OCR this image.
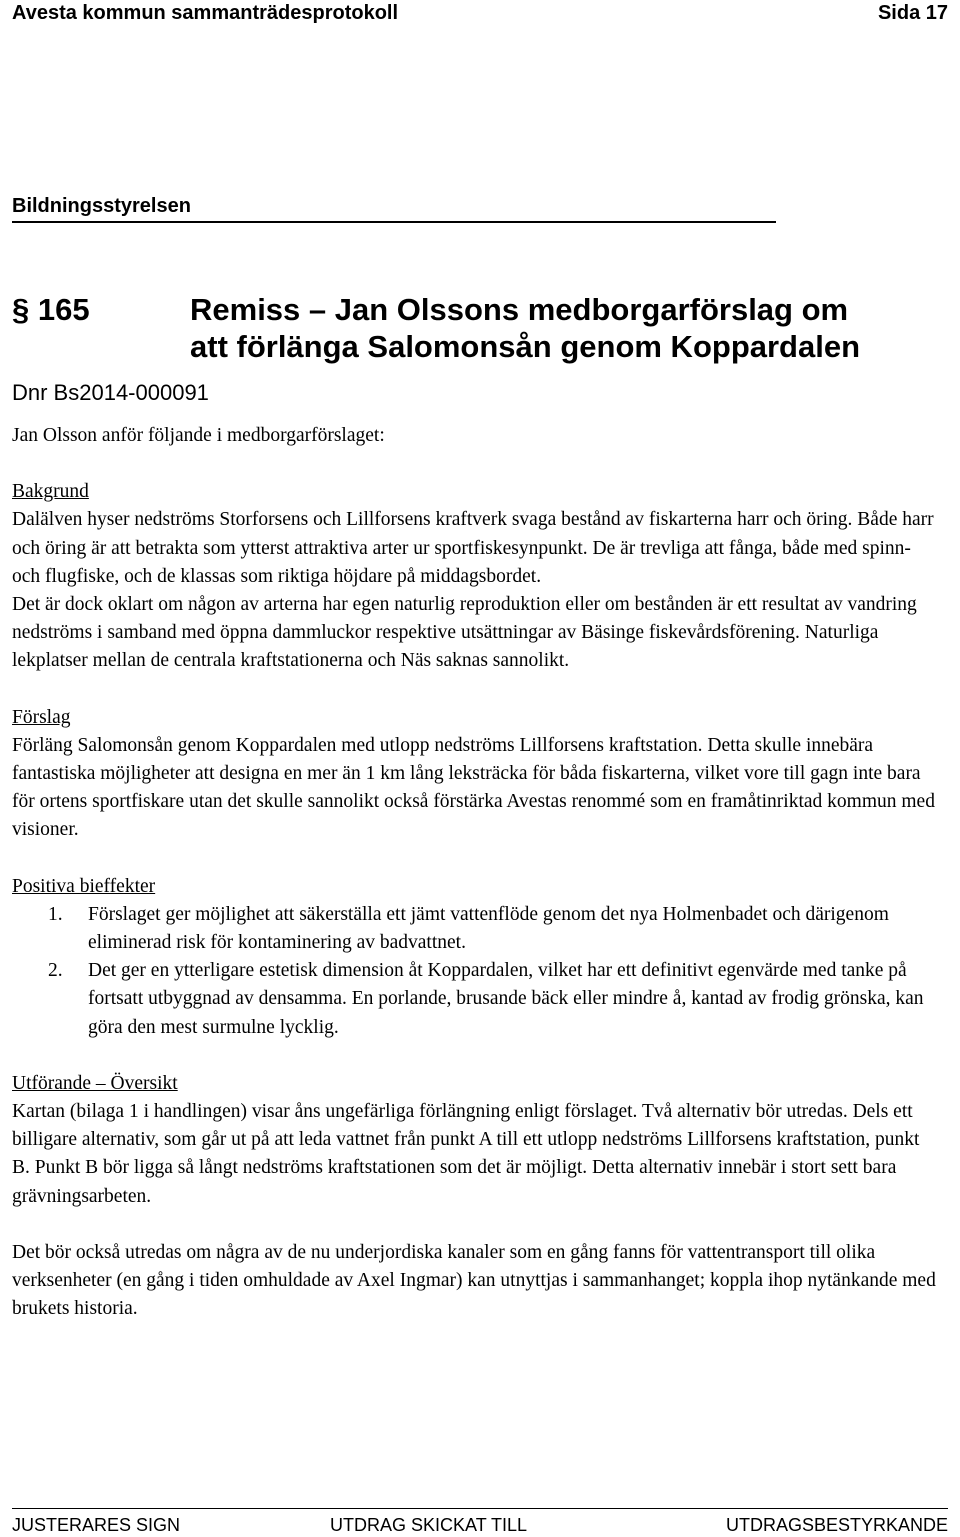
Avesta kommun sammanträdesprotokoll	Sida 17
Bildningsstyrelsen
§ 165	Remiss – Jan Olssons medborgarförslag om
att förlänga Salomonsån genom Koppardalen
Dnr Bs2014-000091

Jan Olsson anför följande i medborgarförslaget:

Bakgrund

Dalälven hyser nedströms Storforsens och Lillforsens kraftverk svaga bestånd av fiskarterna harr och öring. Både harr och öring är att betrakta som ytterst attraktiva arter ur sportfiskesynpunkt. De är trevliga att fånga, både med spinn- och flugfiske, och de klassas som riktiga höjdare på middagsbordet.

Det är dock oklart om någon av arterna har egen naturlig reproduktion eller om bestånden är ett resultat av vandring nedströms i samband med öppna dammluckor respektive utsättningar av Bäsinge fiskevårdsförening. Naturliga lekplatser mellan de centrala kraftstationerna och Näs saknas sannolikt.

Förslag

Förläng Salomonsån genom Koppardalen med utlopp nedströms Lillforsens kraftstation. Detta skulle innebära fantastiska möjligheter att designa en mer än 1 km lång leksträcka för båda fiskarterna, vilket vore till gagn inte bara för ortens sportfiskare utan det skulle sannolikt också förstärka Avestas renommé som en framåtinriktad kommun med visioner.

Positiva bieffekter

1. Förslaget ger möjlighet att säkerställa ett jämt vattenflöde genom det nya Holmenbadet och därigenom eliminerad risk för kontaminering av badvattnet.
2. Det ger en ytterligare estetisk dimension åt Koppardalen, vilket har ett definitivt egenvärde med tanke på fortsatt utbyggnad av densamma. En porlande, brusande bäck eller mindre å, kantad av frodig grönska, kan göra den mest surmulne lycklig.

Utförande – Översikt

Kartan (bilaga 1 i handlingen) visar åns ungefärliga förlängning enligt förslaget. Två alternativ bör utredas. Dels ett billigare alternativ, som går ut på att leda vattnet från punkt A till ett utlopp nedströms Lillforsens kraftstation, punkt B. Punkt B bör ligga så långt nedströms kraftstationen som det är möjligt. Detta alternativ innebär i stort sett bara grävningsarbeten.

Det bör också utredas om några av de nu underjordiska kanaler som en gång fanns för vattentransport till olika verksenheter (en gång i tiden omhuldade av Axel Ingmar) kan utnyttjas i sammanhanget; koppla ihop nytänkande med brukets historia.

JUSTERARES SIGN	UTDRAG SKICKAT TILL	UTDRAGSBESTYRKANDE
